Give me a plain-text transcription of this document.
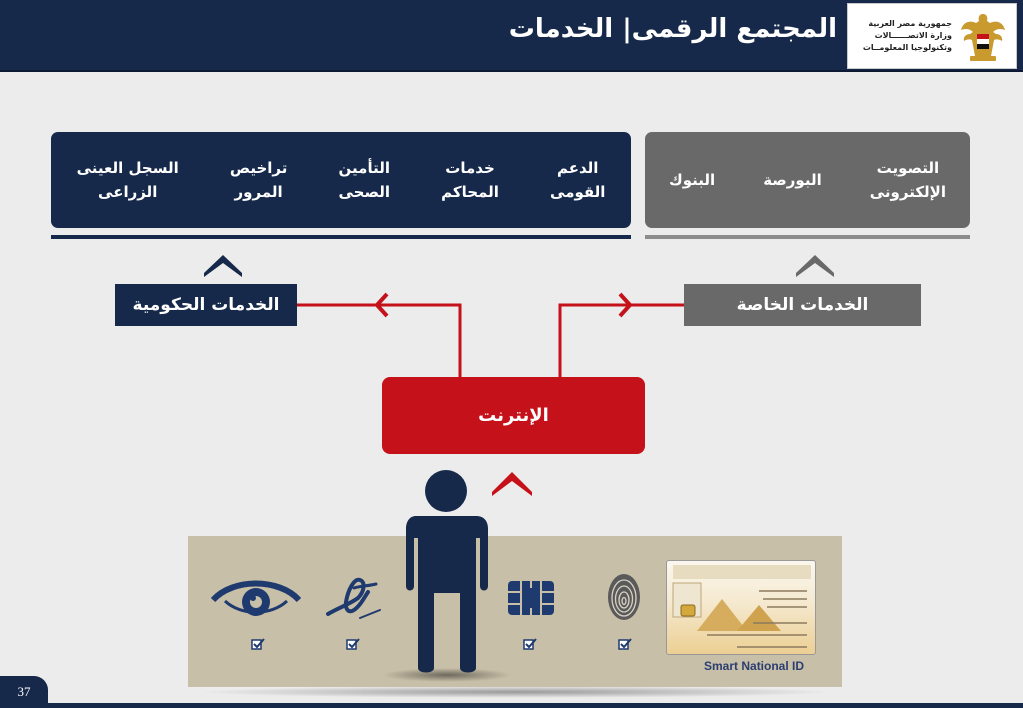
المجتمع الرقمى| الخدمات	جمهورية مصر العربية
وزارة الاتصــــــالات
وتكنولوجيا المعلومــات
الدعم
القومى
خدمات
المحاكم
التأمين
الصحى
تراخيص
المرور
السجل العينى
الزراعى
التصويت
الإلكترونى
البورصة
البنوك
الخدمات الحكومية	الخدمات الخاصة
الإنترنت
Smart National ID
37
